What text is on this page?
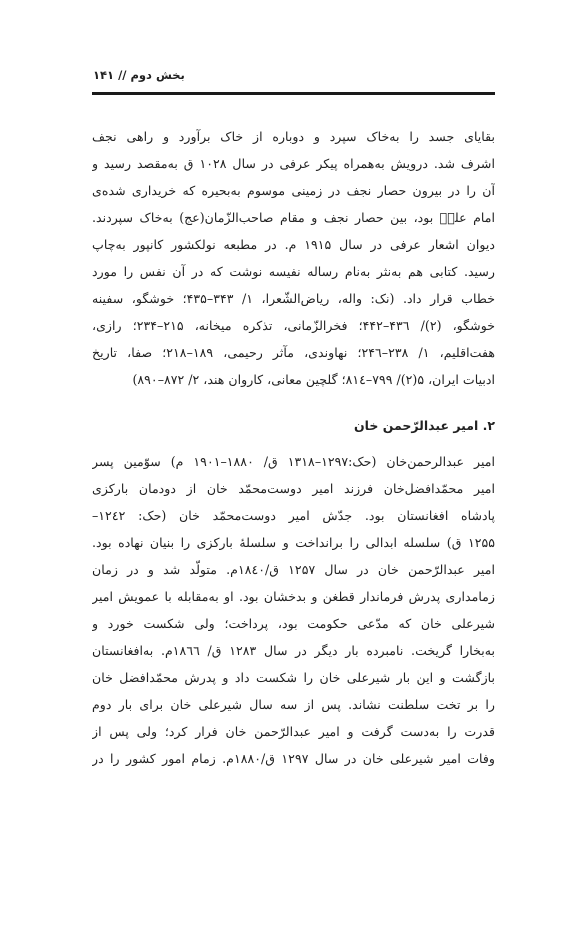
بخش دوم // ۱۴۱
بقایای جسد را به‌خاک سپرد و دوباره از خاک برآورد و راهی نجف
اشرف شد. درویش به‌همراه پیکر عرفی در سال ۱۰۲۸ ق به‌مقصد رسید و
آن را در بیرون حصار نجف در زمینی موسوم به‌بحیره که خریداری شده‌ی
امام علیؑ بود، بین حصار نجف و مقام صاحب‌الزّمان(عج) به‌خاک سپردند.
دیوان اشعار عرفی در سال ۱۹۱۵ م. در مطبعه نولکشور کانپور به‌چاپ
رسید. کتابی هم به‌نثر به‌نام رساله نفیسه نوشت که در آن نفس را مورد
خطاب قرار داد. (نک: واله، ریاض‌الشّعرا، ۱/ ۳۴۳–۴۳۵؛ خوشگو، سفینه
خوشگو، (۲)/ ۴۳٦–۴۴۲؛ فخرالزّمانی، تذکره میخانه، ۲۱۵–۲۳۴؛ رازی،
هفت‌اقلیم، ۱/ ۲۳۸–۲۴٦؛ نهاوندی، مآثر رحیمی، ۱۸۹–۲۱۸؛ صفا، تاریخ
ادبیات ایران، ۵(۲)/ ۷۹۹–۸۱٤؛ گلچین معانی، کاروان هند، ۲/ ۸۷۲–۸۹۰)
۲. امیر عبدالرّحمن خان
امیر عبدالرحمن‌خان (حک:۱۲۹۷–۱۳۱۸ ق/ ۱۸۸۰–۱۹۰۱ م) سوّمین پسر
امیر محمّدافضل‌خان فرزند امیر دوست‌محمّد خان از دودمان بارکزی
پادشاه افغانستان بود. جدّش امیر دوست‌محمّد خان (حک: ۱۲٤۲–
۱۲۵۵ ق) سلسله ابدالی را برانداخت و سلسلهٔ بارکزی را بنیان نهاده بود.
امیر عبدالرّحمن خان در سال ۱۲۵۷ ق/۱۸٤۰م. متولّد شد و در زمان
زمامداری پدرش فرماندار قطغن و بدخشان بود. او به‌مقابله با عمویش امیر
شیرعلی خان که مدّعی حکومت بود، پرداخت؛ ولی شکست خورد و
به‌بخارا گریخت. نامبرده بار دیگر در سال ۱۲۸۳ ق/ ۱۸٦٦م. به‌افغانستان
بازگشت و این بار شیرعلی خان را شکست داد و پدرش محمّدافضل خان
را بر تخت سلطنت نشاند. پس از سه سال شیرعلی خان برای بار دوم
قدرت را به‌دست گرفت و امیر عبدالرّحمن خان فرار کرد؛ ولی پس از
وفات امیر شیرعلی خان در سال ۱۲۹۷ ق/۱۸۸۰م. زمام امور کشور را در
